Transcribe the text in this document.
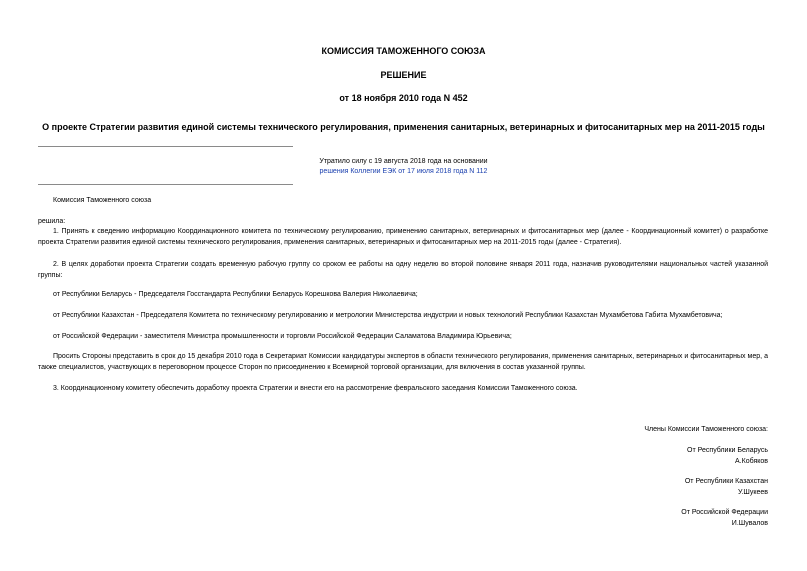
КОМИССИЯ ТАМОЖЕННОГО СОЮЗА
РЕШЕНИЕ
от 18 ноября 2010 года N 452
О проекте Стратегии развития единой системы технического регулирования, применения санитарных, ветеринарных и фитосанитарных мер на 2011-2015 годы
Утратило силу с 19 августа 2018 года на основании
решения Коллегии ЕЭК от 17 июля 2018 года N 112
Комиссия Таможенного союза
решила:
1. Принять к сведению информацию Координационного комитета по техническому регулированию, применению санитарных, ветеринарных и фитосанитарных мер (далее - Координационный комитет) о разработке проекта Стратегии развития единой системы технического регулирования, применения санитарных, ветеринарных и фитосанитарных мер на 2011-2015 годы (далее - Стратегия).
2. В целях доработки проекта Стратегии создать временную рабочую группу со сроком ее работы на одну неделю во второй половине января 2011 года, назначив руководителями национальных частей указанной группы:
от Республики Беларусь - Председателя Госстандарта Республики Беларусь Корешкова Валерия Николаевича;
от Республики Казахстан - Председателя Комитета по техническому регулированию и метрологии Министерства индустрии и новых технологий Республики Казахстан Мухамбетова Габита Мухамбетовича;
от Российской Федерации - заместителя Министра промышленности и торговли Российской Федерации Саламатова Владимира Юрьевича;
Просить Стороны представить в срок до 15 декабря 2010 года в Секретариат Комиссии кандидатуры экспертов в области технического регулирования, применения санитарных, ветеринарных и фитосанитарных мер, а также специалистов, участвующих в переговорном процессе Сторон по присоединению к Всемирной торговой организации, для включения в состав указанной группы.
3. Координационному комитету обеспечить доработку проекта Стратегии и внести его на рассмотрение февральского заседания Комиссии Таможенного союза.
Члены Комиссии Таможенного союза:
От Республики Беларусь
А.Кобяков
От Республики Казахстан
У.Шукеев
От Российской Федерации
И.Шувалов
